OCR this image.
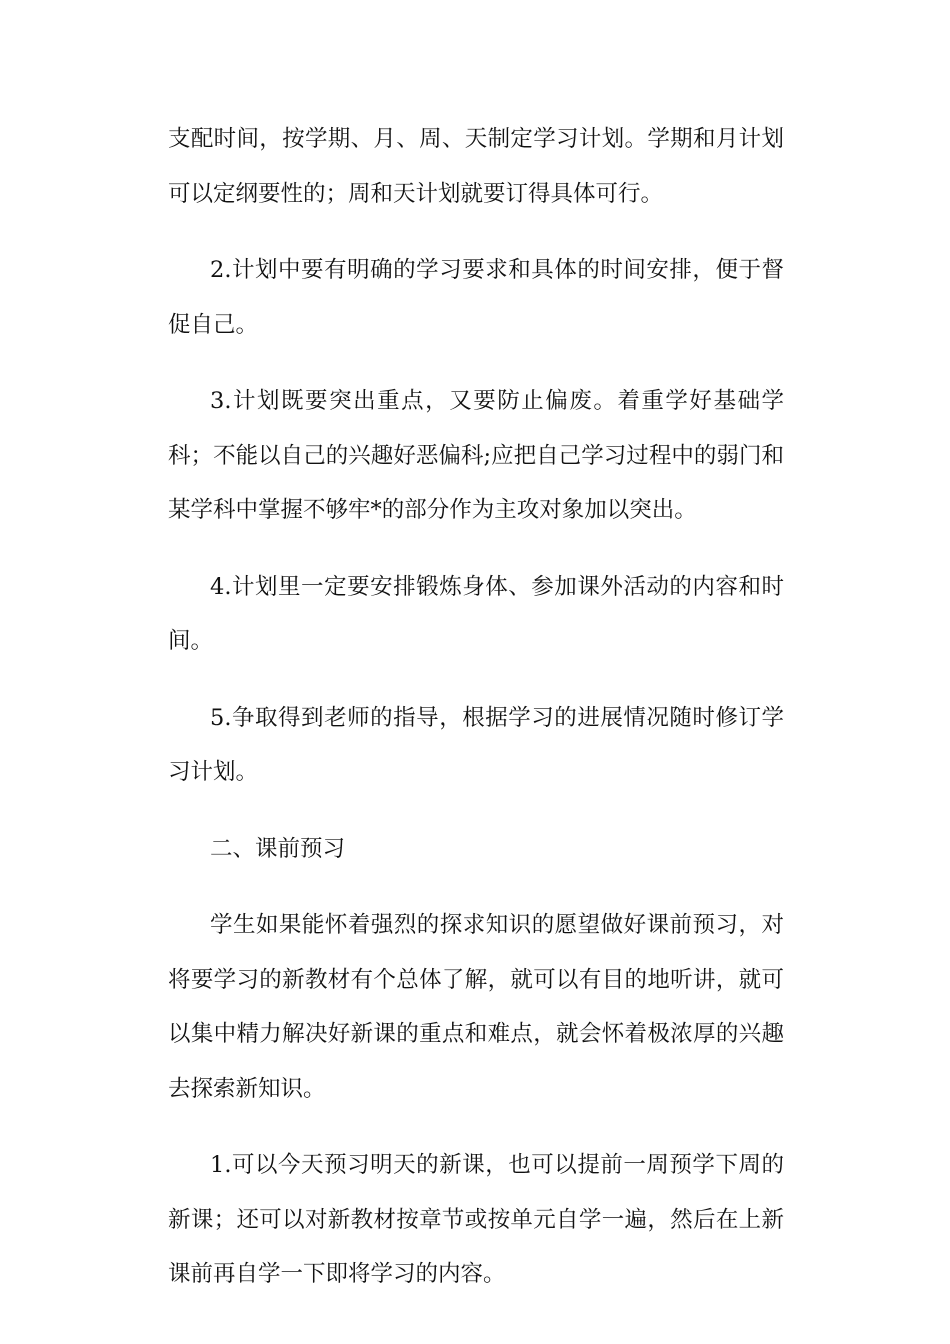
支配时间，按学期、月、周、天制定学习计划。学期和月计划可以定纲要性的；周和天计划就要订得具体可行。

2.计划中要有明确的学习要求和具体的时间安排，便于督促自己。

3.计划既要突出重点，又要防止偏废。着重学好基础学科；不能以自己的兴趣好恶偏科;应把自己学习过程中的弱门和某学科中掌握不够牢*的部分作为主攻对象加以突出。

4.计划里一定要安排锻炼身体、参加课外活动的内容和时间。

5.争取得到老师的指导，根据学习的进展情况随时修订学习计划。

二、课前预习

学生如果能怀着强烈的探求知识的愿望做好课前预习，对将要学习的新教材有个总体了解，就可以有目的地听讲，就可以集中精力解决好新课的重点和难点，就会怀着极浓厚的兴趣去探索新知识。

1.可以今天预习明天的新课，也可以提前一周预学下周的新课；还可以对新教材按章节或按单元自学一遍，然后在上新课前再自学一下即将学习的内容。
